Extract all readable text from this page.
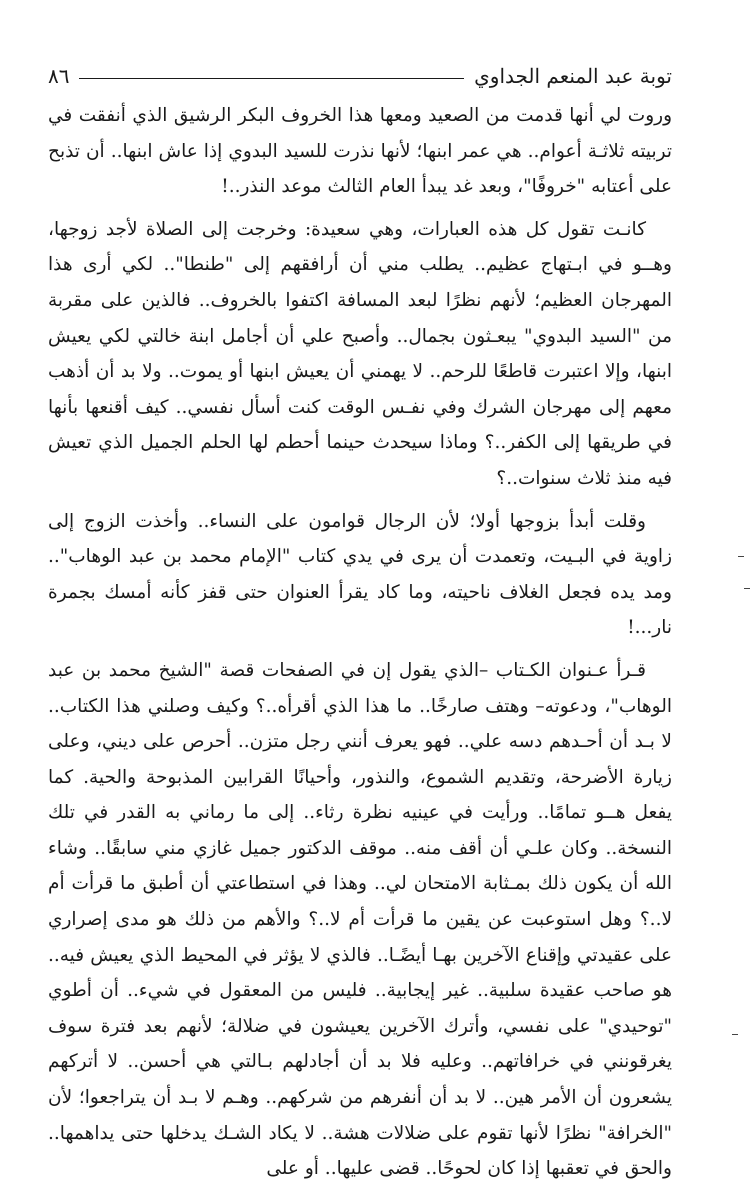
توبة عبد المنعم الجداوي
٨٦

وروت لي أنها قدمت من الصعيد ومعها هذا الخروف البكر الرشيق الذي أنفقت في تربيته ثلاثـة أعوام.. هي عمر ابنها؛ لأنها نذرت للسيد البدوي إذا عاش ابنها.. أن تذبح على أعتابه "خروفًا"، وبعد غد يبدأ العام الثالث موعد النذر..!

كانـت تقول كل هذه العبارات، وهي سعيدة: وخرجت إلى الصلاة لأجد زوجها، وهــو في ابـتهاج عظيم.. يطلب مني أن أرافقهم إلى "طنطا".. لكي أرى هذا المهرجان العظيم؛ لأنهم نظرًا لبعد المسافة اكتفوا بالخروف.. فالذين على مقربة من "السيد البدوي" يبعـثون بجمال.. وأصبح علي أن أجامل ابنة خالتي لكي يعيش ابنها، وإلا اعتبرت قاطعًا للرحم.. لا يهمني أن يعيش ابنها أو يموت.. ولا بد أن أذهب معهم إلى مهرجان الشرك وفي نفـس الوقت كنت أسأل نفسي.. كيف أقنعها بأنها في طريقها إلى الكفر..؟ وماذا سيحدث حينما أحطم لها الحلم الجميل الذي تعيش فيه منذ ثلاث سنوات..؟

وقلت أبدأ بزوجها أولا؛ لأن الرجال قوامون على النساء.. وأخذت الزوج إلى زاوية في البـيت، وتعمدت أن يرى في يدي كتاب "الإمام محمد بن عبد الوهاب".. ومد يده فجعل الغلاف ناحيته، وما كاد يقرأ العنوان حتى قفز كأنه أمسك بجمرة نار...!

قـرأ عـنوان الكـتاب –الذي يقول إن في الصفحات قصة "الشيخ محمد بن عبد الوهاب"، ودعوته– وهتف صارخًا.. ما هذا الذي أقرأه..؟ وكيف وصلني هذا الكتاب.. لا بـد أن أحـدهم دسه علي.. فهو يعرف أنني رجل متزن.. أحرص على ديني، وعلى زيارة الأضرحة، وتقديم الشموع، والنذور، وأحيانًا القرابين المذبوحة والحية. كما يفعل هــو تمامًا.. ورأيت في عينيه نظرة رثاء.. إلى ما رماني به القدر في تلك النسخة.. وكان علـي أن أقف منه.. موقف الدكتور جميل غازي مني سابقًا.. وشاء الله أن يكون ذلك بمـثابة الامتحان لي.. وهذا في استطاعتي أن أطبق ما قرأت أم لا..؟ وهل استوعبت عن يقين ما قرأت أم لا..؟ والأهم من ذلك هو مدى إصراري على عقيدتي وإقناع الآخرين بهـا أيضًـا.. فالذي لا يؤثر في المحيط الذي يعيش فيه.. هو صاحب عقيدة سلبية.. غير إيجابية.. فليس من المعقول في شيء.. أن أطوي "توحيدي" على نفسي، وأترك الآخرين يعيشون في ضلالة؛ لأنهم بعد فترة سوف يغرقونني في خرافاتهم.. وعليه فلا بد أن أجادلهم بـالتي هي أحسن.. لا أتركهم يشعرون أن الأمر هين.. لا بد أن أنفرهم من شركهم.. وهـم لا بـد أن يتراجعوا؛ لأن "الخرافة" نظرًا لأنها تقوم على ضلالات هشة.. لا يكاد الشـك يدخلها حتى يداهمها.. والحق في تعقبها إذا كان لحوحًا.. قضى عليها.. أو على
